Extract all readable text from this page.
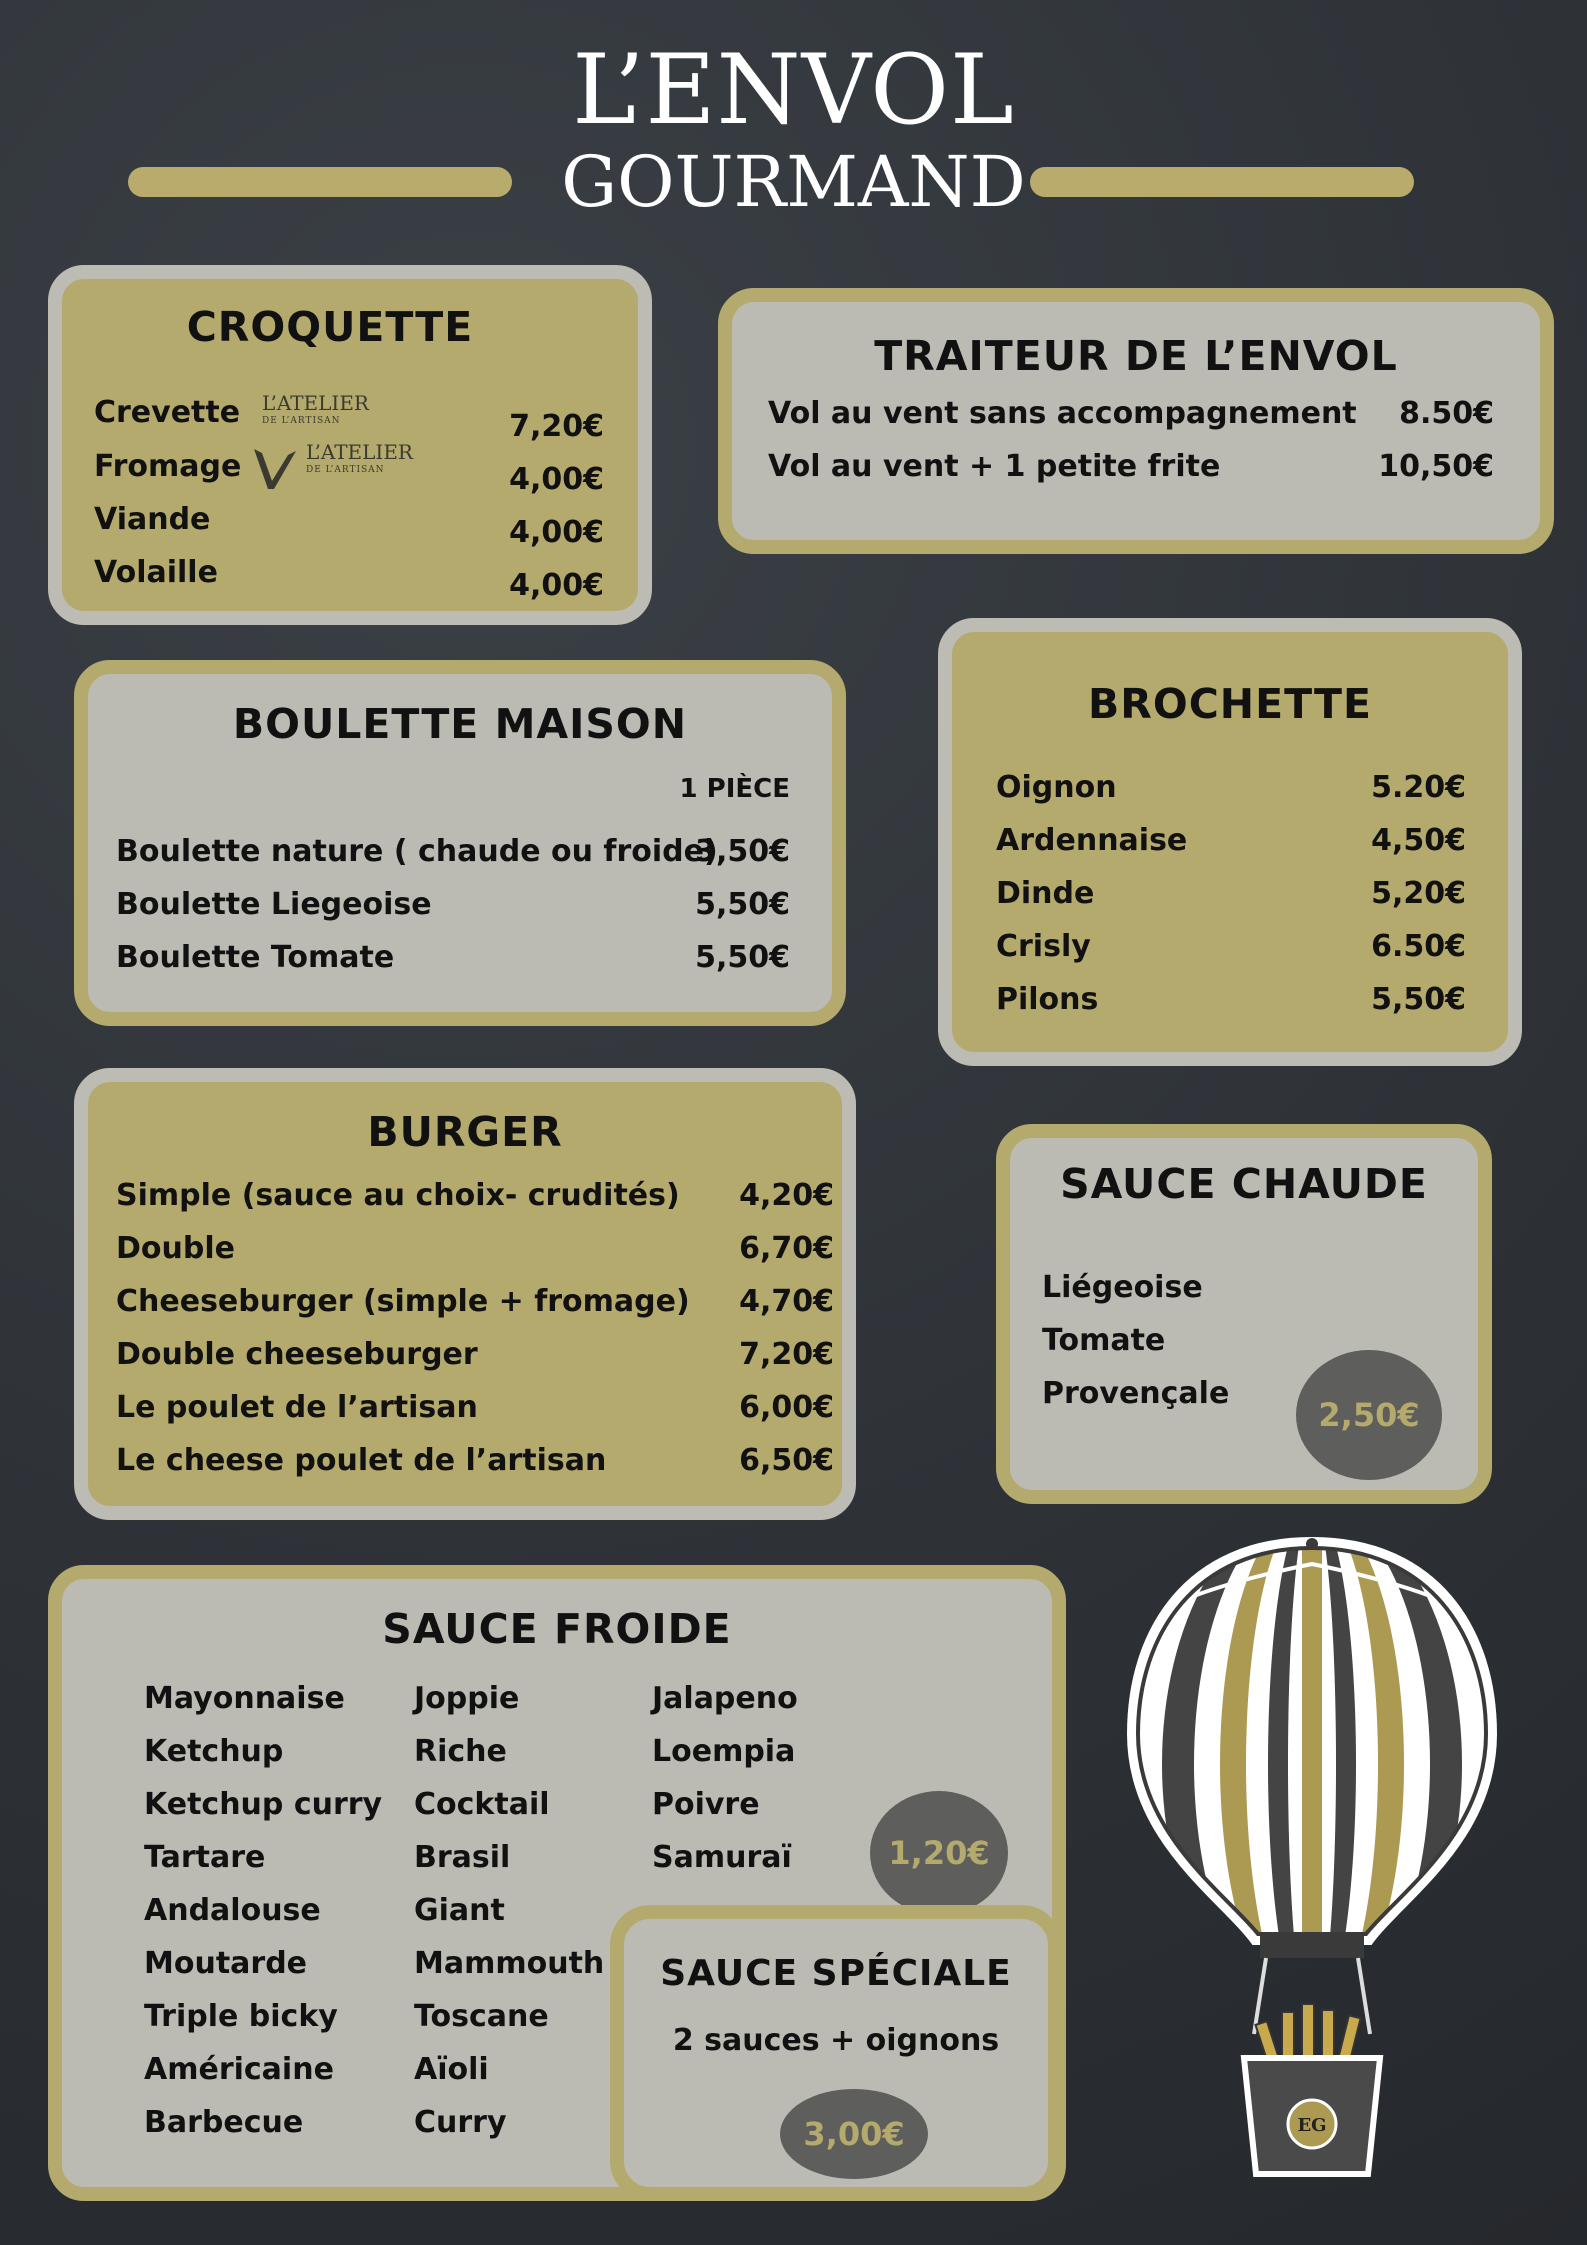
L’ENVOL
GOURMAND
CROQUETTE
Crevette
Fromage
Viande
Volaille
7,20€
4,00€
4,00€
4,00€
L’ATELIER
DE L’ARTISAN
L’ATELIER
DE L’ARTISAN
TRAITEUR DE L’ENVOL
Vol au vent sans accompagnement
Vol au vent + 1 petite frite
8.50€
10,50€
BOULETTE MAISON
1 PIÈCE
Boulette nature ( chaude ou froide)
Boulette Liegeoise
Boulette Tomate
3,50€
5,50€
5,50€
BROCHETTE
Oignon
Ardennaise
Dinde
Crisly
Pilons
5.20€
4,50€
5,20€
6.50€
5,50€
BURGER
Simple (sauce au choix- crudités)
Double
Cheeseburger (simple + fromage)
Double cheeseburger
Le poulet de l’artisan
Le cheese poulet de l’artisan
4,20€
6,70€
4,70€
7,20€
6,00€
6,50€
SAUCE CHAUDE
Liégeoise
Tomate
Provençale
2,50€
SAUCE FROIDE
Mayonnaise
Ketchup
Ketchup curry
Tartare
Andalouse
Moutarde
Triple bicky
Américaine
Barbecue
Joppie
Riche
Cocktail
Brasil
Giant
Mammouth
Toscane
Aïoli
Curry
Jalapeno
Loempia
Poivre
Samuraï	1,20€
SAUCE SPÉCIALE
2 sauces + oignons
3,00€	EG
